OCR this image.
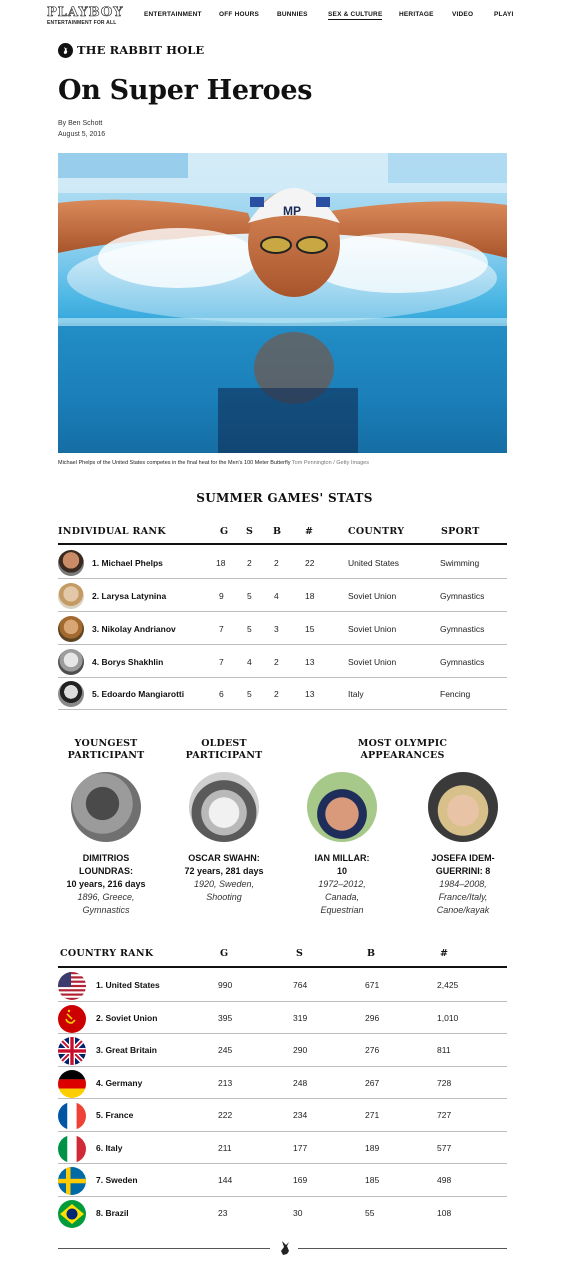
PLAYBOY
ENTERTAINMENT FOR ALL
ENTERTAINMENT	OFF HOURS	BUNNIES	SEX & CULTURE	HERITAGE	VIDEO	PLAYI
THE RABBIT HOLE
On Super Heroes
By Ben Schott
August 5, 2016
MP
Michael Phelps of the United States competes in the final heat for the Men's 100 Meter Butterfly Tom Pennington / Getty Images
SUMMER GAMES' STATS
INDIVIDUAL RANK	G S B #	COUNTRY	SPORT
1. Michael Phelps	18	2	2	22	United States	Swimming
2. Larysa Latynina	9	5	4	18	Soviet Union	Gymnastics
3. Nikolay Andrianov	7	5	3	15	Soviet Union	Gymnastics
4. Borys Shakhlin	7	4	2	13	Soviet Union	Gymnastics
5. Edoardo Mangiarotti	6	5	2	13	Italy	Fencing
YOUNGEST
PARTICIPANT
OLDEST
PARTICIPANT
MOST OLYMPIC
APPEARANCES
DIMITRIOS
LOUNDRAS:
10 years, 216 days
1896, Greece,
Gymnastics
OSCAR SWAHN:
72 years, 281 days
1920, Sweden,
Shooting
IAN MILLAR:
10
1972–2012,
Canada,
Equestrian
JOSEFA IDEM-
GUERRINI: 8
1984–2008,
France/Italy,
Canoe/kayak
COUNTRY RANK	G	S	B	#
1. United States	990	764	671	2,425
2. Soviet Union	395	319	296	1,010
3. Great Britain	245	290	276	811
4. Germany	213	248	267	728
5. France	222	234	271	727
6. Italy	211	177	189	577
7. Sweden	144	169	185	498
8. Brazil	23	30	55	108
